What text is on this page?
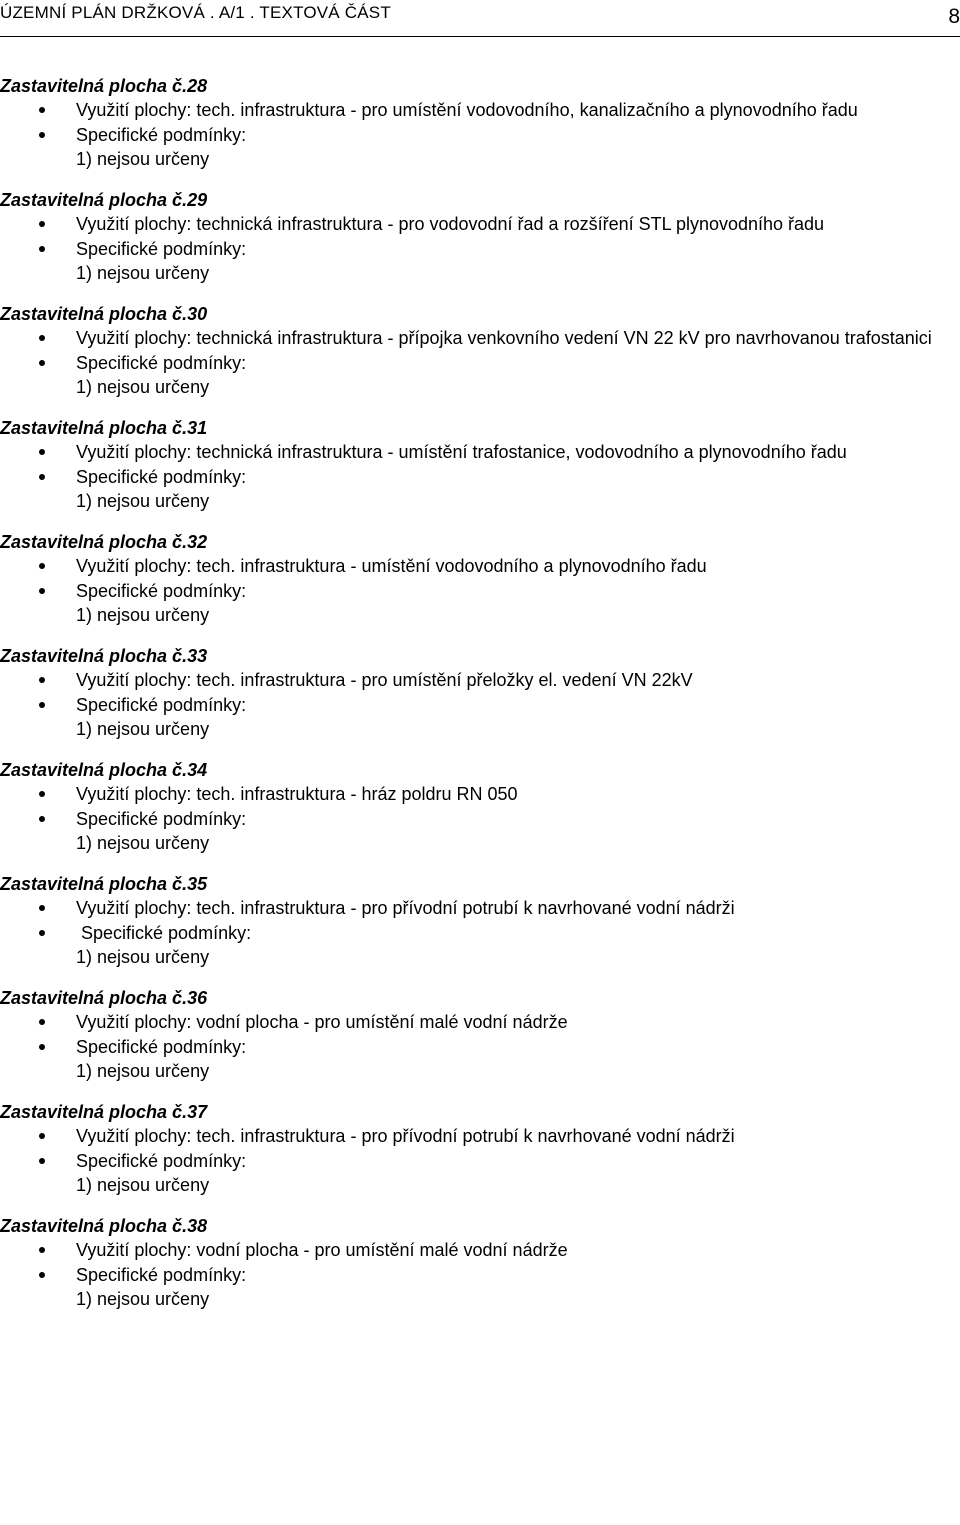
ÚZEMNÍ PLÁN DRŽKOVÁ . A/1 . TEXTOVÁ ČÁST	8
Zastavitelná plocha č.28
Využití plochy: tech. infrastruktura - pro umístění vodovodního, kanalizačního a plynovodního řadu
Specifické podmínky:
1) nejsou určeny
Zastavitelná plocha č.29
Využití plochy: technická infrastruktura - pro vodovodní řad a rozšíření STL plynovodního řadu
Specifické podmínky:
1) nejsou určeny
Zastavitelná plocha č.30
Využití plochy: technická infrastruktura - přípojka venkovního vedení VN 22 kV pro navrhovanou trafostanici
Specifické podmínky:
1) nejsou určeny
Zastavitelná plocha č.31
Využití plochy: technická infrastruktura - umístění trafostanice, vodovodního a plynovodního řadu
Specifické podmínky:
1) nejsou určeny
Zastavitelná plocha č.32
Využití plochy: tech. infrastruktura - umístění vodovodního a plynovodního řadu
Specifické podmínky:
1) nejsou určeny
Zastavitelná plocha č.33
Využití plochy: tech. infrastruktura - pro umístění přeložky el. vedení VN 22kV
Specifické podmínky:
1) nejsou určeny
Zastavitelná plocha č.34
Využití plochy: tech. infrastruktura - hráz poldru RN 050
Specifické podmínky:
1) nejsou určeny
Zastavitelná plocha č.35
Využití plochy: tech. infrastruktura - pro přívodní potrubí k navrhované vodní nádrži
Specifické podmínky:
1) nejsou určeny
Zastavitelná plocha č.36
Využití plochy: vodní plocha - pro umístění malé vodní nádrže
Specifické podmínky:
1) nejsou určeny
Zastavitelná plocha č.37
Využití plochy: tech. infrastruktura - pro přívodní potrubí k navrhované vodní nádrži
Specifické podmínky:
1) nejsou určeny
Zastavitelná plocha č.38
Využití plochy: vodní plocha - pro umístění malé vodní nádrže
Specifické podmínky:
1) nejsou určeny
